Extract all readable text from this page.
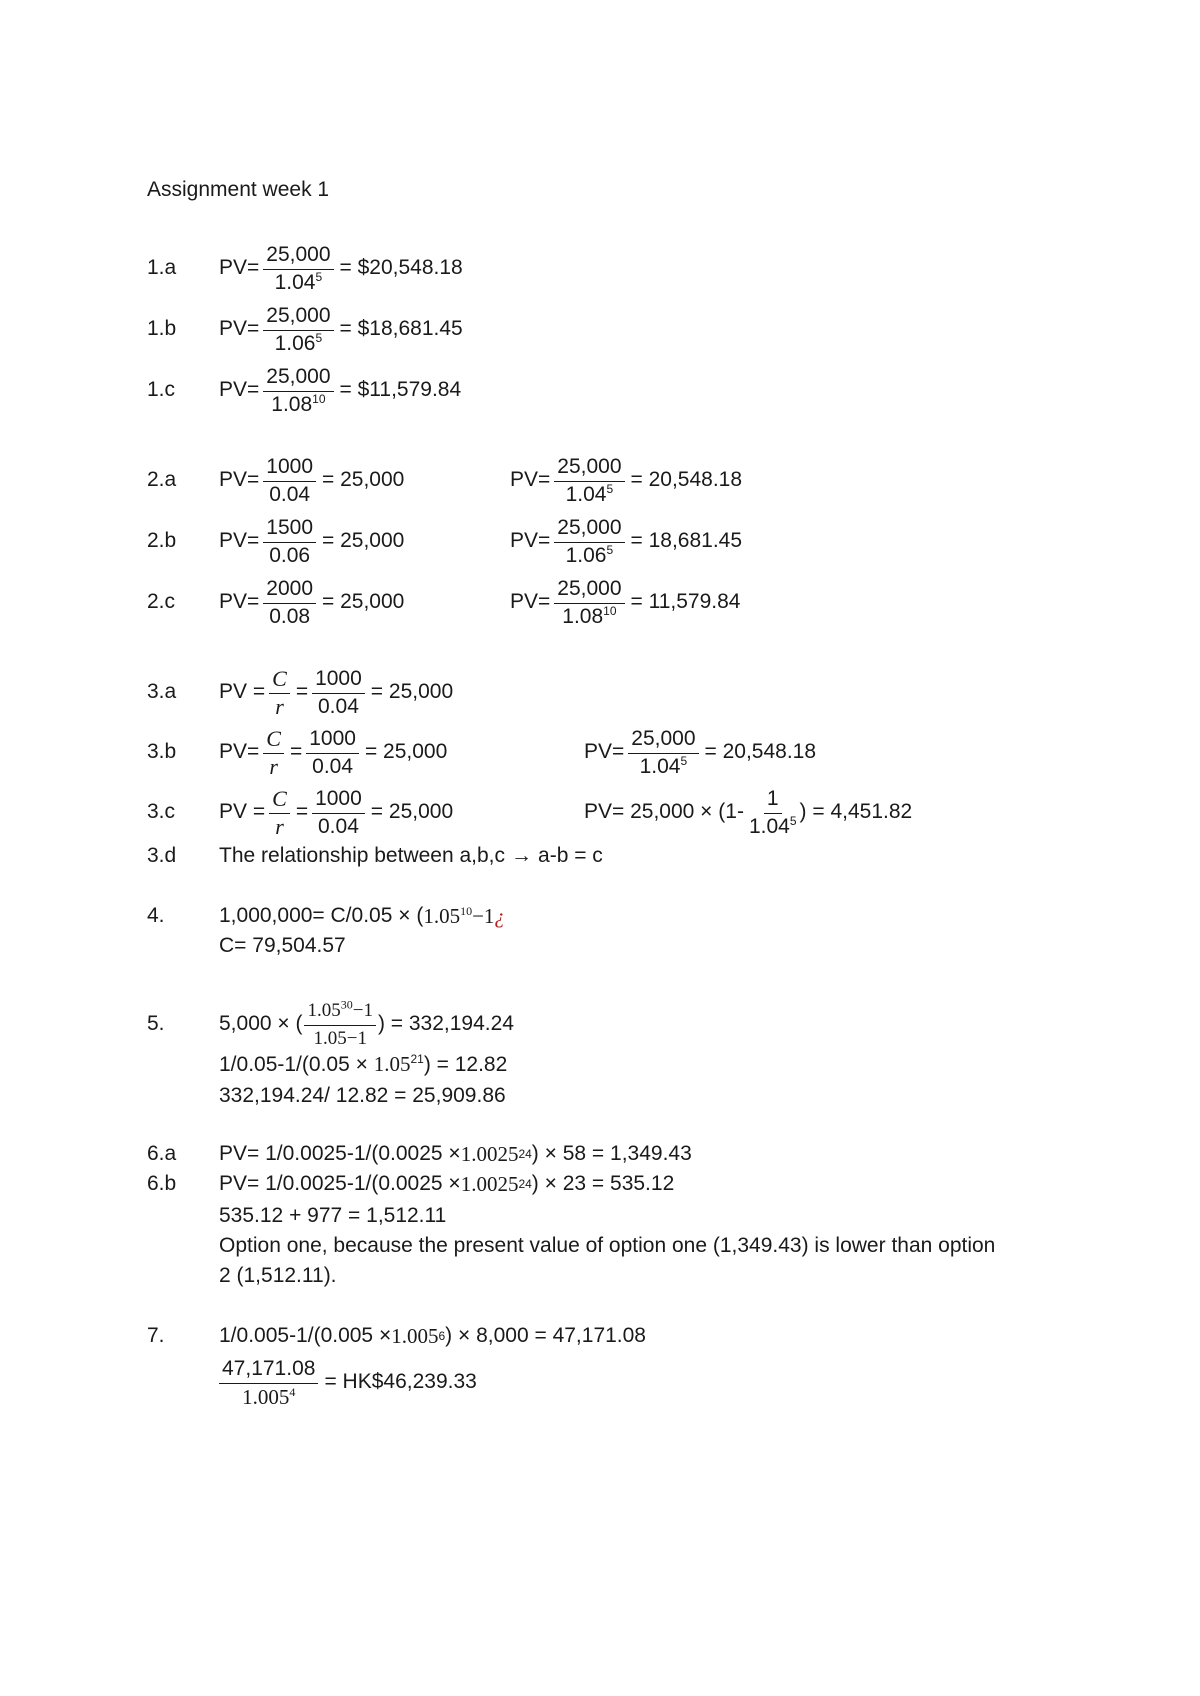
Assignment week 1
1.a $PV= \frac{25,000}{1.04^5}$ = $20,548.18
1.b $PV= \frac{25,000}{1.06^5}$ = $18,681.45
1.c $PV= \frac{25,000}{1.08^{10}}$ = $11,579.84
2.a $PV= \frac{1000}{0.04} = 25,000$	$PV= \frac{25,000}{1.04^5} = 20,548.18$
2.b $PV= \frac{1500}{0.06} = 25,000$	$PV= \frac{25,000}{1.06^5} = 18,681.45$
2.c $PV= \frac{2000}{0.08} = 25,000$	$PV= \frac{25,000}{1.08^{10}} = 11,579.84$
3.a PV = $\frac{C}{r} = \frac{1000}{0.04} = 25,000$
3.b $PV= \frac{C}{r} = \frac{1000}{0.04} = 25,000$	$PV= \frac{25,000}{1.04^5} = 20,548.18$
3.c PV = $\frac{C}{r} = \frac{1000}{0.04} = 25,000$	$PV= 25,000 \times (1- \frac{1}{1.04^5}$ ) = 4,451.82
3.d The relationship between a,b,c → a-b = c
4.	1,000,000= C/0.05 × ( $1.05^{10}-1$ ¿
C= 79,504.57
5.	5,000 × ( $\frac{1.05^{30}-1}{1.05-1}$ ) = 332,194.24
$1/0.05-1/(0.05 \times 1.05^{21}) = 12.82$
332,194.24/ 12.82 = 25,909.86
6.a PV= 1/0.0025-1/(0.0025 × 1.0025 24 ) × 58 = 1,349.43
6.b PV= 1/0.0025-1/(0.0025 × 1.0025 24 ) × 23 = 535.12
535.12 + 977 = 1,512.11
Option one, because the present value of option one (1,349.43) is lower than option
2 (1,512.11).
7.	1/0.005-1/(0.005 × 1.005 6 ) × 8,000 = 47,171.08
$\frac{47,171.08}{1.005^4}$ = HK$46,239.33
